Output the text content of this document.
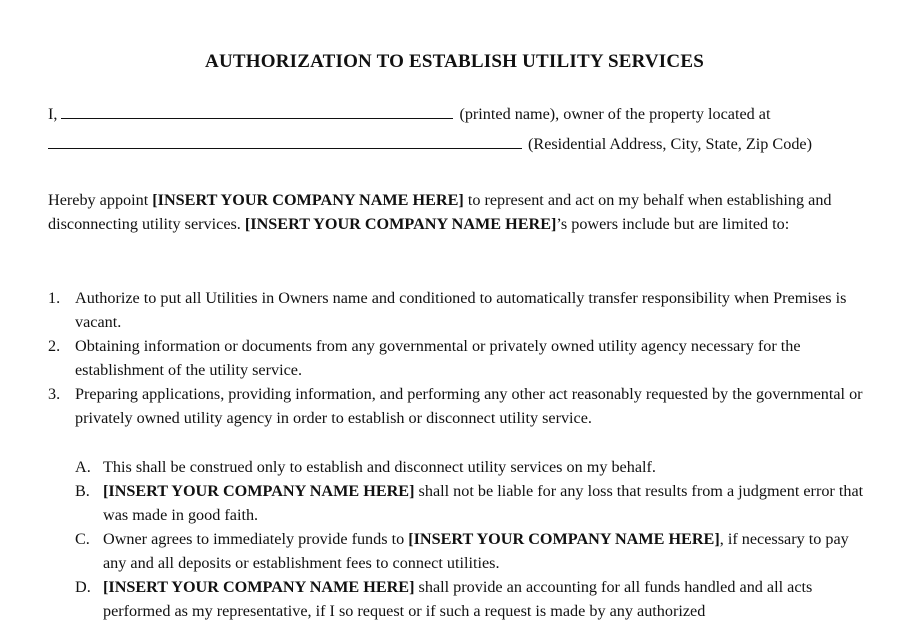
AUTHORIZATION TO ESTABLISH UTILITY SERVICES
I,	(printed name), owner of the property located at
(Residential Address, City, State, Zip Code)
Hereby appoint [INSERT YOUR COMPANY NAME HERE] to represent and act on my behalf when establishing and disconnecting utility services. [INSERT YOUR COMPANY NAME HERE]’s powers include but are limited to:
1. Authorize to put all Utilities in Owners name and conditioned to automatically transfer responsibility when Premises is vacant.
2. Obtaining information or documents from any governmental or privately owned utility agency necessary for the establishment of the utility service.
3. Preparing applications, providing information, and performing any other act reasonably requested by the governmental or privately owned utility agency in order to establish or disconnect utility service.
A. This shall be construed only to establish and disconnect utility services on my behalf.
B. [INSERT YOUR COMPANY NAME HERE] shall not be liable for any loss that results from a judgment error that was made in good faith.
C. Owner agrees to immediately provide funds to [INSERT YOUR COMPANY NAME HERE], if necessary to pay any and all deposits or establishment fees to connect utilities.
D. [INSERT YOUR COMPANY NAME HERE] shall provide an accounting for all funds handled and all acts performed as my representative, if I so request or if such a request is made by any authorized
